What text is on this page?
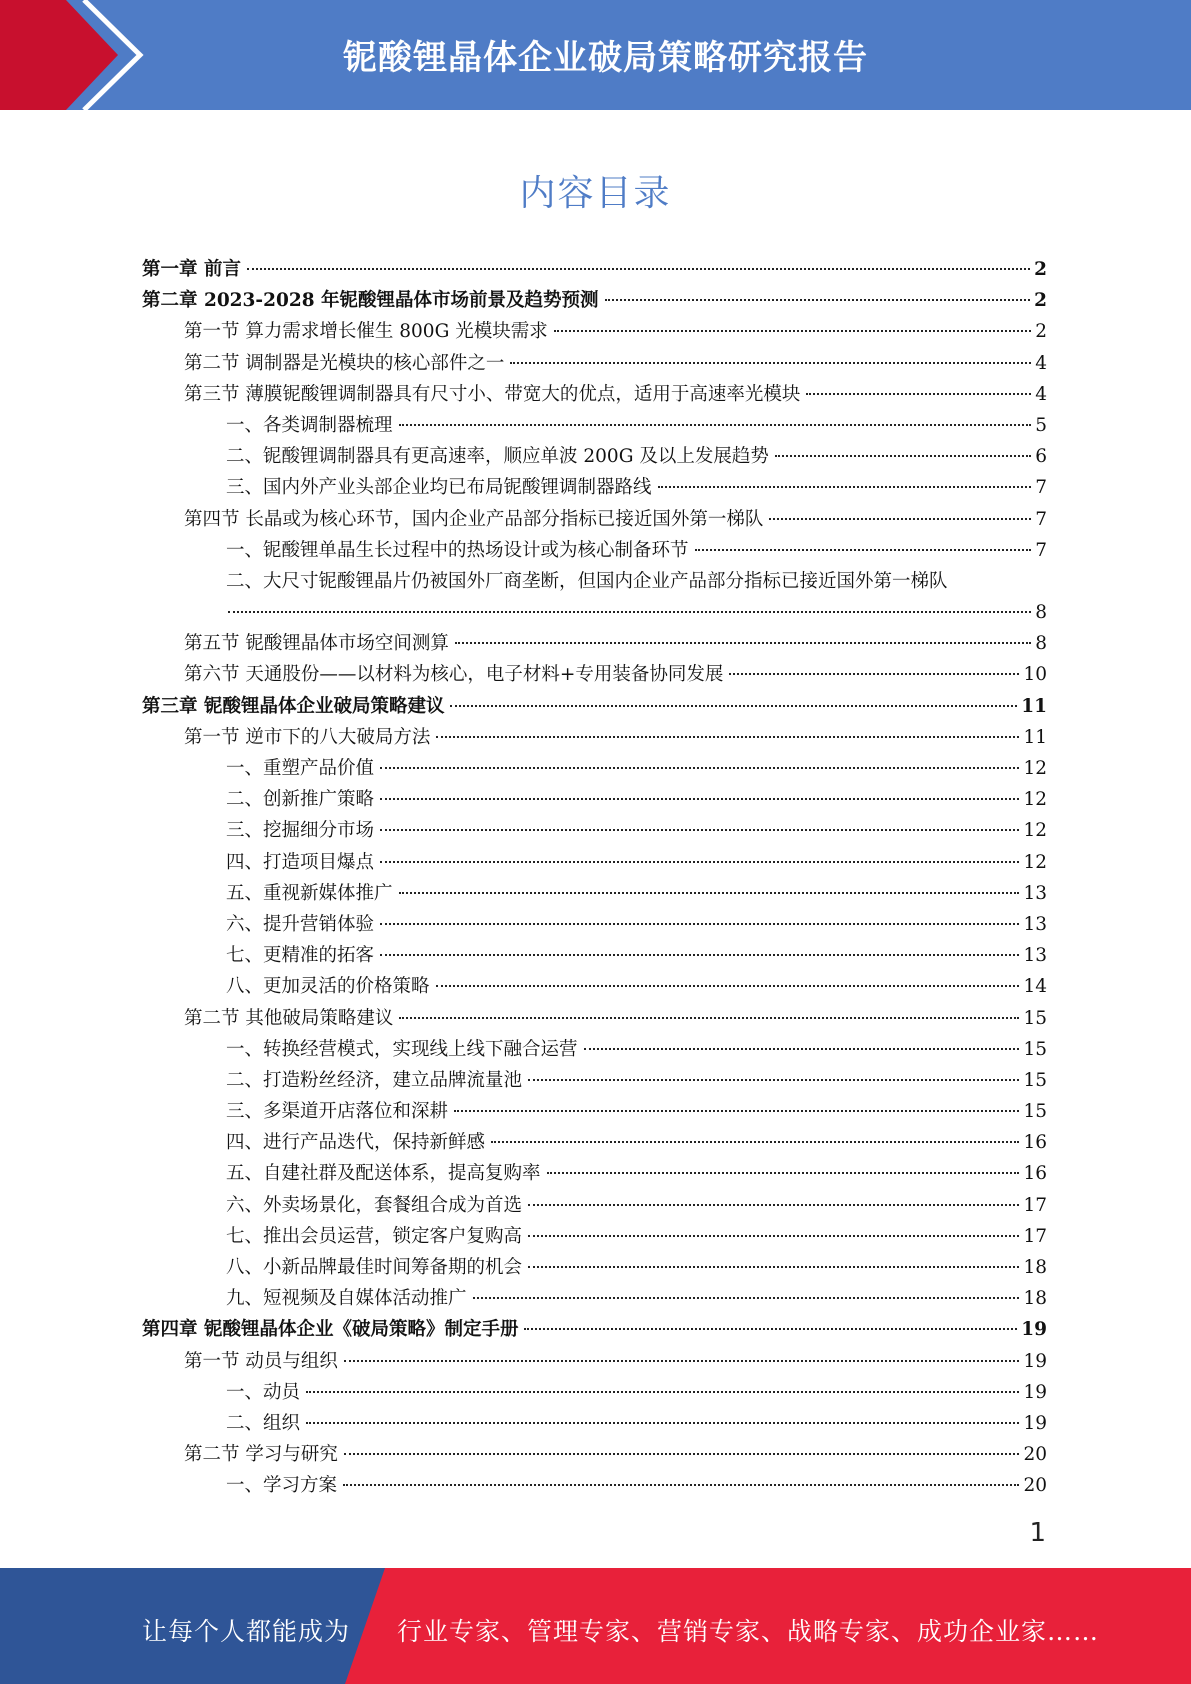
铌酸锂晶体企业破局策略研究报告
内容目录
第一章 前言	2
第二章 2023-2028 年铌酸锂晶体市场前景及趋势预测	2
第一节 算力需求增长催生 800G 光模块需求	2
第二节 调制器是光模块的核心部件之一	4
第三节 薄膜铌酸锂调制器具有尺寸小、带宽大的优点，适用于高速率光模块	4
一、各类调制器梳理	5
二、铌酸锂调制器具有更高速率，顺应单波 200G 及以上发展趋势	6
三、国内外产业头部企业均已布局铌酸锂调制器路线	7
第四节 长晶或为核心环节，国内企业产品部分指标已接近国外第一梯队	7
一、铌酸锂单晶生长过程中的热场设计或为核心制备环节	7
二、大尺寸铌酸锂晶片仍被国外厂商垄断，但国内企业产品部分指标已接近国外第一梯队
8
第五节 铌酸锂晶体市场空间测算	8
第六节 天通股份——以材料为核心，电子材料+专用装备协同发展	10
第三章 铌酸锂晶体企业破局策略建议	11
第一节 逆市下的八大破局方法	11
一、重塑产品价值	12
二、创新推广策略	12
三、挖掘细分市场	12
四、打造项目爆点	12
五、重视新媒体推广	13
六、提升营销体验	13
七、更精准的拓客	13
八、更加灵活的价格策略	14
第二节 其他破局策略建议	15
一、转换经营模式，实现线上线下融合运营	15
二、打造粉丝经济，建立品牌流量池	15
三、多渠道开店落位和深耕	15
四、进行产品迭代，保持新鲜感	16
五、自建社群及配送体系，提高复购率	16
六、外卖场景化，套餐组合成为首选	17
七、推出会员运营，锁定客户复购高	17
八、小新品牌最佳时间筹备期的机会	18
九、短视频及自媒体活动推广	18
第四章 铌酸锂晶体企业《破局策略》制定手册	19
第一节 动员与组织	19
一、动员	19
二、组织	19
第二节 学习与研究	20
一、学习方案	20
1
让每个人都能成为 行业专家、管理专家、营销专家、战略专家、成功企业家……
